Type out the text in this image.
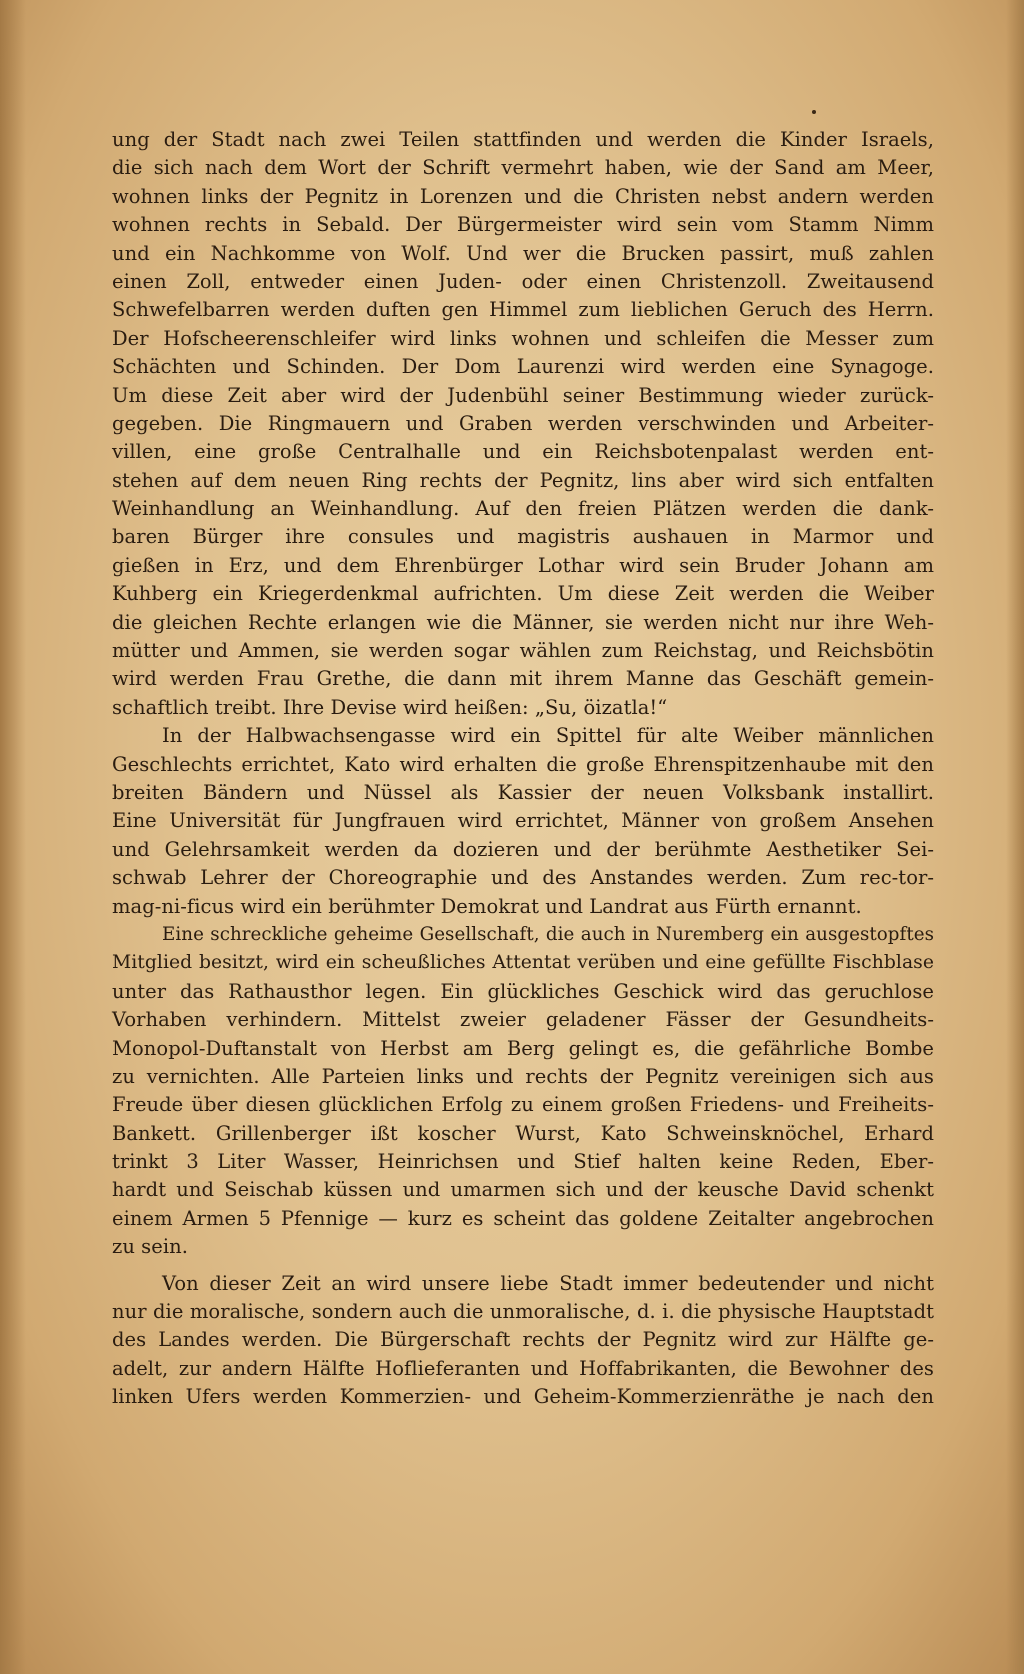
ung der Stadt nach zwei Teilen stattfinden und werden die Kinder Israels,
die sich nach dem Wort der Schrift vermehrt haben, wie der Sand am Meer,
wohnen links der Pegnitz in Lorenzen und die Christen nebst andern werden
wohnen rechts in Sebald. Der Bürgermeister wird sein vom Stamm Nimm
und ein Nachkomme von Wolf. Und wer die Brucken passirt, muß zahlen
einen Zoll, entweder einen Juden- oder einen Christenzoll. Zweitausend
Schwefelbarren werden duften gen Himmel zum lieblichen Geruch des Herrn.
Der Hofscheerenschleifer wird links wohnen und schleifen die Messer zum
Schächten und Schinden. Der Dom Laurenzi wird werden eine Synagoge.
Um diese Zeit aber wird der Judenbühl seiner Bestimmung wieder zurück-
gegeben. Die Ringmauern und Graben werden verschwinden und Arbeiter-
villen, eine große Centralhalle und ein Reichsbotenpalast werden ent-
stehen auf dem neuen Ring rechts der Pegnitz, lins aber wird sich entfalten
Weinhandlung an Weinhandlung. Auf den freien Plätzen werden die dank-
baren Bürger ihre consules und magistris aushauen in Marmor und
gießen in Erz, und dem Ehrenbürger Lothar wird sein Bruder Johann am
Kuhberg ein Kriegerdenkmal aufrichten. Um diese Zeit werden die Weiber
die gleichen Rechte erlangen wie die Männer, sie werden nicht nur ihre Weh-
mütter und Ammen, sie werden sogar wählen zum Reichstag, und Reichsbötin
wird werden Frau Grethe, die dann mit ihrem Manne das Geschäft gemein-
schaftlich treibt. Ihre Devise wird heißen: „Su, öizatla!“
In der Halbwachsengasse wird ein Spittel für alte Weiber männlichen
Geschlechts errichtet, Kato wird erhalten die große Ehrenspitzenhaube mit den
breiten Bändern und Nüssel als Kassier der neuen Volksbank installirt.
Eine Universität für Jungfrauen wird errichtet, Männer von großem Ansehen
und Gelehrsamkeit werden da dozieren und der berühmte Aesthetiker Sei-
schwab Lehrer der Choreographie und des Anstandes werden. Zum rec-tor-
mag-ni-ficus wird ein berühmter Demokrat und Landrat aus Fürth ernannt.
Eine schreckliche geheime Gesellschaft, die auch in Nuremberg ein ausgestopftes
Mitglied besitzt, wird ein scheußliches Attentat verüben und eine gefüllte Fischblase
unter das Rathausthor legen. Ein glückliches Geschick wird das geruchlose
Vorhaben verhindern. Mittelst zweier geladener Fässer der Gesundheits-
Monopol-Duftanstalt von Herbst am Berg gelingt es, die gefährliche Bombe
zu vernichten. Alle Parteien links und rechts der Pegnitz vereinigen sich aus
Freude über diesen glücklichen Erfolg zu einem großen Friedens- und Freiheits-
Bankett. Grillenberger ißt koscher Wurst, Kato Schweinsknöchel, Erhard
trinkt 3 Liter Wasser, Heinrichsen und Stief halten keine Reden, Eber-
hardt und Seischab küssen und umarmen sich und der keusche David schenkt
einem Armen 5 Pfennige — kurz es scheint das goldene Zeitalter angebrochen
zu sein.
Von dieser Zeit an wird unsere liebe Stadt immer bedeutender und nicht
nur die moralische, sondern auch die unmoralische, d. i. die physische Hauptstadt
des Landes werden. Die Bürgerschaft rechts der Pegnitz wird zur Hälfte ge-
adelt, zur andern Hälfte Hoflieferanten und Hoffabrikanten, die Bewohner des
linken Ufers werden Kommerzien- und Geheim-Kommerzienräthe je nach den
